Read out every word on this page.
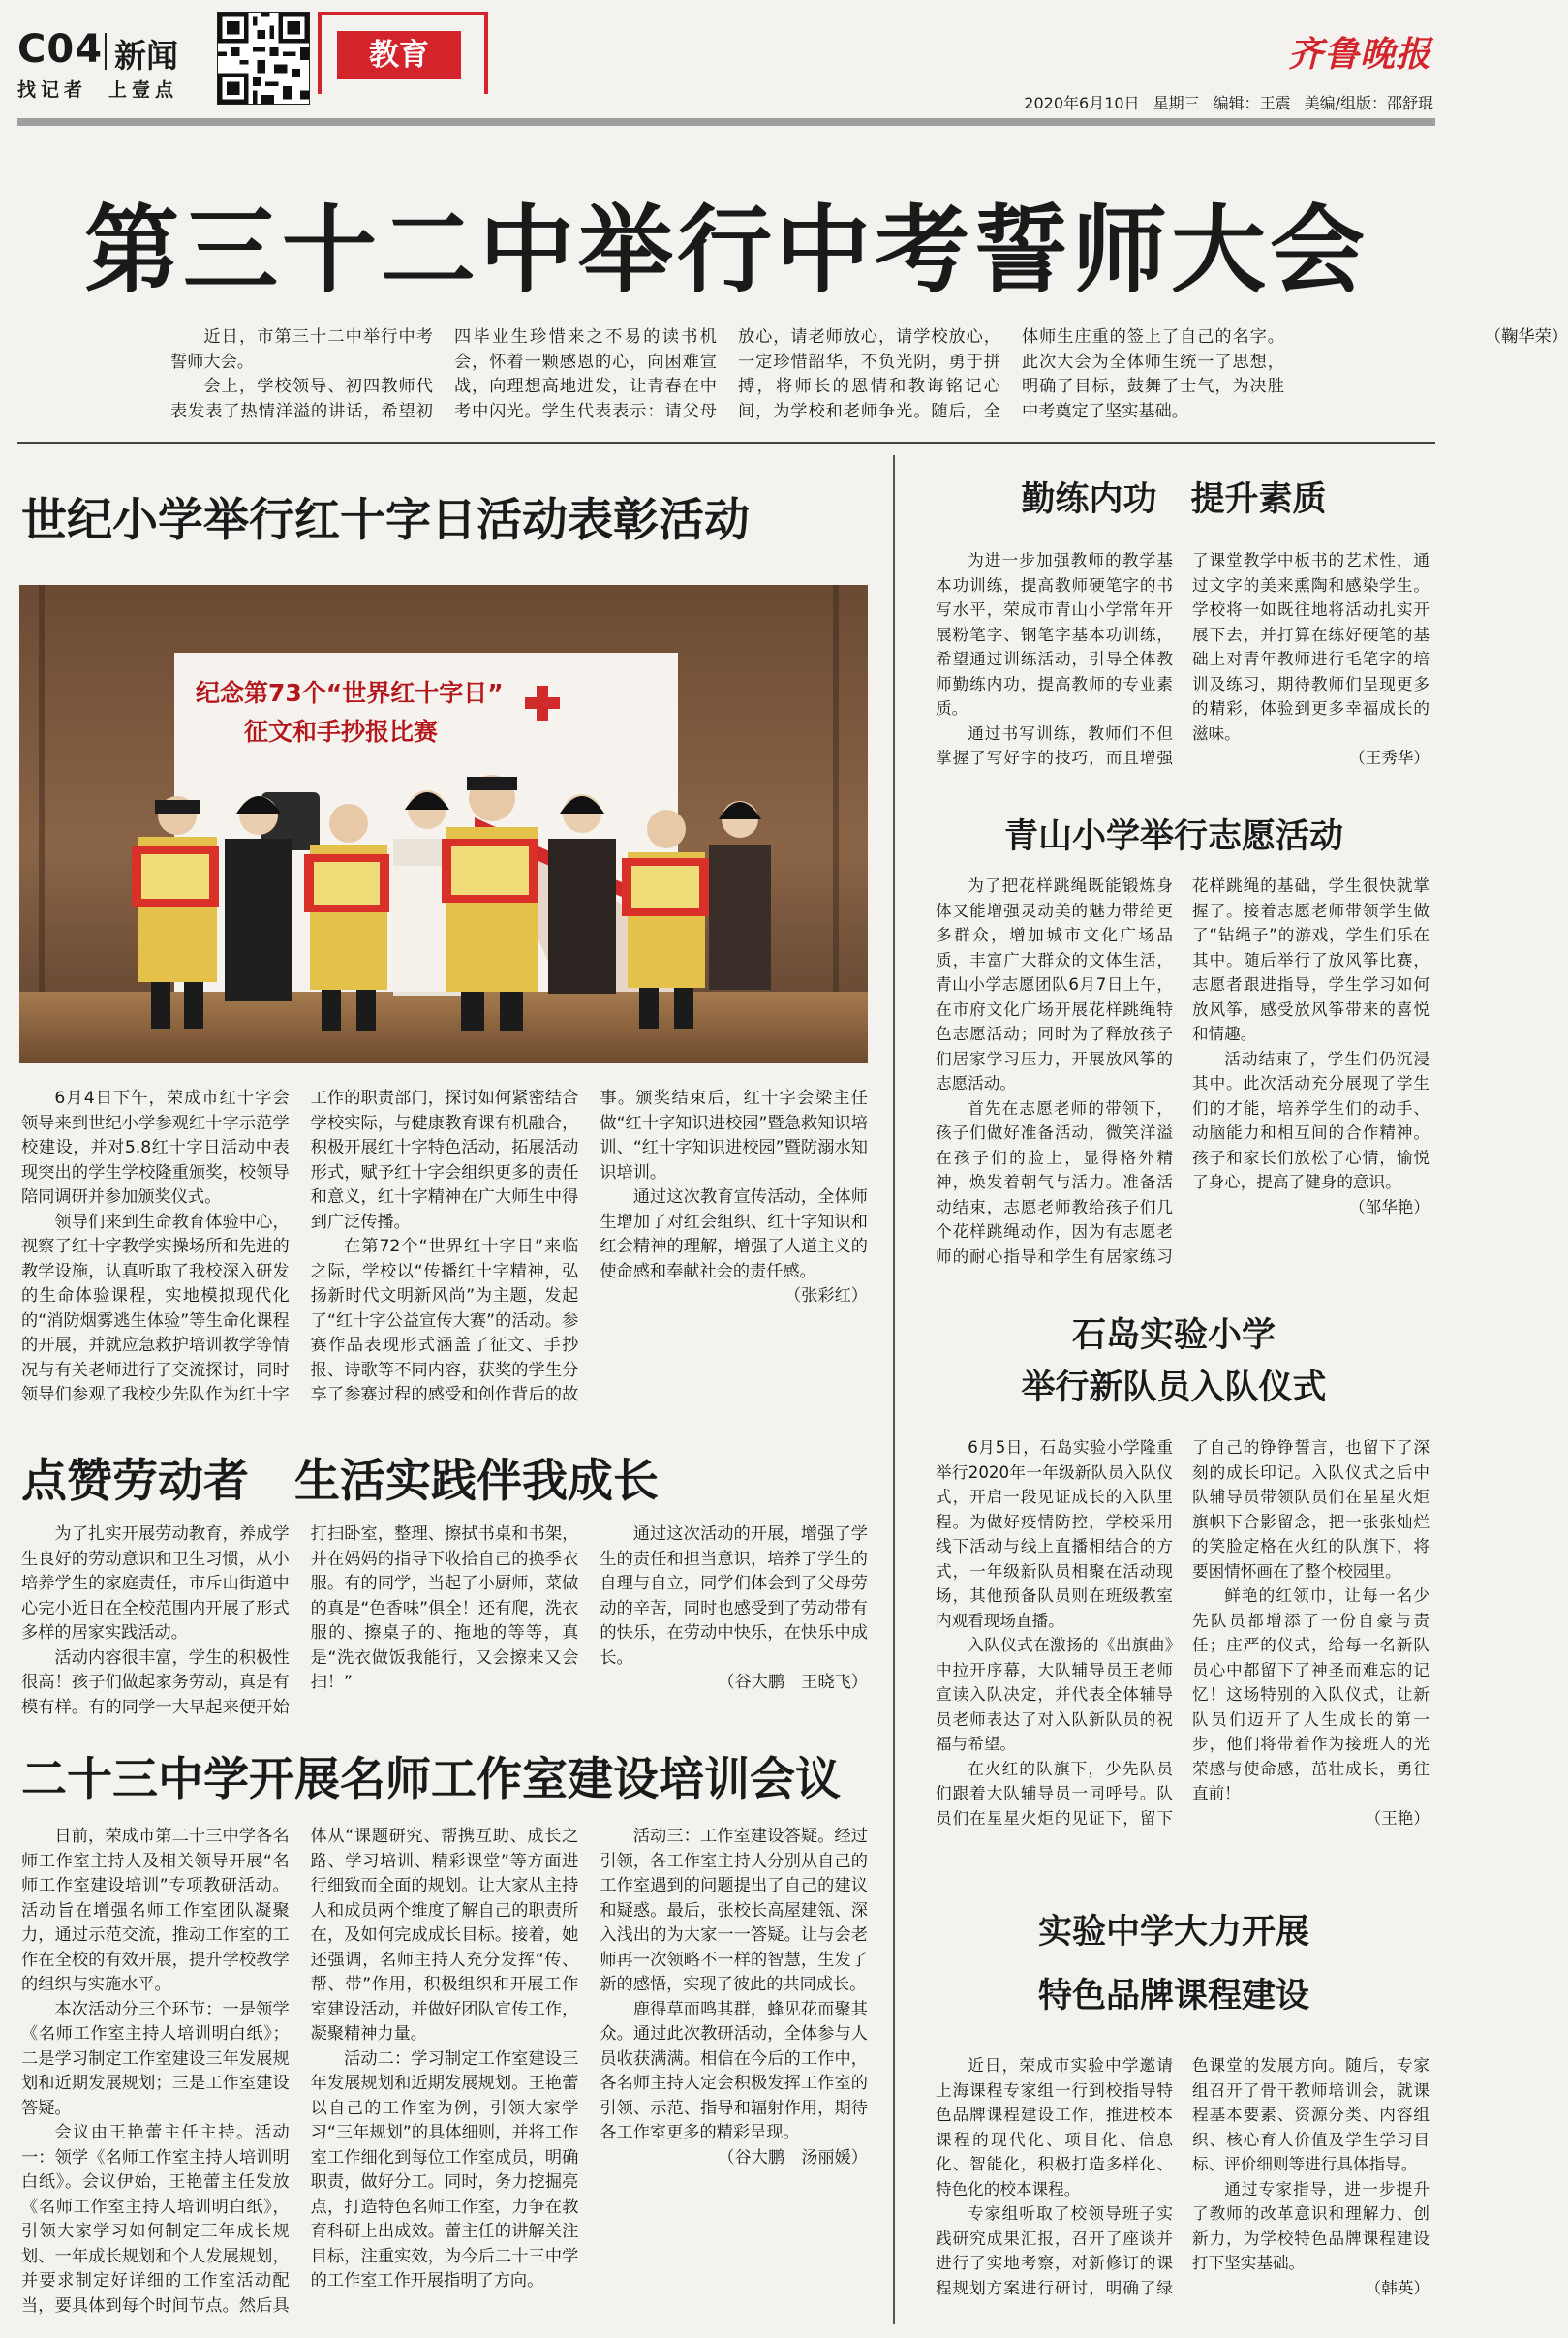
C04 新闻
找记者 上壹点
教育	齐鲁晚报
2020年6月10日 星期三 编辑：王震 美编/组版：邵舒琨
第三十二中举行中考誓师大会

近日，市第三十二中举行中考誓师大会。

会上，学校领导、初四教师代表发表了热情洋溢的讲话，希望初四毕业生珍惜来之不易的读书机会，怀着一颗感恩的心，向困难宣战，向理想高地进发，让青春在中考中闪光。学生代表表示：请父母放心，请老师放心，请学校放心，一定珍惜韶华，不负光阴，勇于拼搏，将师长的恩情和教诲铭记心间，为学校和老师争光。随后，全体师生庄重的签上了自己的名字。此次大会为全体师生统一了思想，明确了目标，鼓舞了士气，为决胜中考奠定了坚实基础。

（鞠华荣）
世纪小学举行红十字日活动表彰活动
纪念第73个“世界红十字日”
征文和手抄报比赛

6月4日下午，荣成市红十字会领导来到世纪小学参观红十字示范学校建设，并对5.8红十字日活动中表现突出的学生学校隆重颁奖，校领导陪同调研并参加颁奖仪式。

领导们来到生命教育体验中心，视察了红十字教学实操场所和先进的教学设施，认真听取了我校深入研发的生命体验课程，实地模拟现代化的“消防烟雾逃生体验”等生命化课程的开展，并就应急救护培训教学等情况与有关老师进行了交流探讨，同时领导们参观了我校少先队作为红十字工作的职责部门，探讨如何紧密结合学校实际，与健康教育课有机融合，积极开展红十字特色活动，拓展活动形式，赋予红十字会组织更多的责任和意义，红十字精神在广大师生中得到广泛传播。

在第72个“世界红十字日”来临之际，学校以“传播红十字精神，弘扬新时代文明新风尚”为主题，发起了“红十字公益宣传大赛”的活动。参赛作品表现形式涵盖了征文、手抄报、诗歌等不同内容，获奖的学生分享了参赛过程的感受和创作背后的故事。颁奖结束后，红十字会梁主任做“红十字知识进校园”暨急救知识培训、“红十字知识进校园”暨防溺水知识培训。

通过这次教育宣传活动，全体师生增加了对红会组织、红十字知识和红会精神的理解，增强了人道主义的使命感和奉献社会的责任感。

（张彩红）
点赞劳动者　生活实践伴我成长

为了扎实开展劳动教育，养成学生良好的劳动意识和卫生习惯，从小培养学生的家庭责任，市斥山街道中心完小近日在全校范围内开展了形式多样的居家实践活动。

活动内容很丰富，学生的积极性很高！孩子们做起家务劳动，真是有模有样。有的同学一大早起来便开始打扫卧室，整理、擦拭书桌和书架，并在妈妈的指导下收拾自己的换季衣服。有的同学，当起了小厨师，菜做的真是“色香味”俱全！还有爬，洗衣服的、擦桌子的、拖地的等等，真是“洗衣做饭我能行，又会擦来又会扫！”

通过这次活动的开展，增强了学生的责任和担当意识，培养了学生的自理与自立，同学们体会到了父母劳动的辛苦，同时也感受到了劳动带有的快乐，在劳动中快乐，在快乐中成长。

（谷大鹏　王晓飞）
二十三中学开展名师工作室建设培训会议

日前，荣成市第二十三中学各名师工作室主持人及相关领导开展“名师工作室建设培训”专项教研活动。活动旨在增强名师工作室团队凝聚力，通过示范交流，推动工作室的工作在全校的有效开展，提升学校教学的组织与实施水平。

本次活动分三个环节：一是领学《名师工作室主持人培训明白纸》；二是学习制定工作室建设三年发展规划和近期发展规划；三是工作室建设答疑。

会议由王艳蕾主任主持。活动一：领学《名师工作室主持人培训明白纸》。会议伊始，王艳蕾主任发放《名师工作室主持人培训明白纸》，引领大家学习如何制定三年成长规划、一年成长规划和个人发展规划，并要求制定好详细的工作室活动配当，要具体到每个时间节点。然后具体从“课题研究、帮携互助、成长之路、学习培训、精彩课堂”等方面进行细致而全面的规划。让大家从主持人和成员两个维度了解自己的职责所在，及如何完成成长目标。接着，她还强调，名师主持人充分发挥“传、帮、带”作用，积极组织和开展工作室建设活动，并做好团队宣传工作，凝聚精神力量。

活动二：学习制定工作室建设三年发展规划和近期发展规划。王艳蕾以自己的工作室为例，引领大家学习“三年规划”的具体细则，并将工作室工作细化到每位工作室成员，明确职责，做好分工。同时，务力挖掘亮点，打造特色名师工作室，力争在教育科研上出成效。蕾主任的讲解关注目标，注重实效，为今后二十三中学的工作室工作开展指明了方向。

活动三：工作室建设答疑。经过引领，各工作室主持人分别从自己的工作室遇到的问题提出了自己的建议和疑惑。最后，张校长高屋建瓴、深入浅出的为大家一一答疑。让与会老师再一次领略不一样的智慧，生发了新的感悟，实现了彼此的共同成长。

鹿得草而鸣其群，蜂见花而聚其众。通过此次教研活动，全体参与人员收获满满。相信在今后的工作中，各名师主持人定会积极发挥工作室的引领、示范、指导和辐射作用，期待各工作室更多的精彩呈现。

（谷大鹏　汤丽媛）
勤练内功　提升素质

为进一步加强教师的教学基本功训练，提高教师硬笔字的书写水平，荣成市青山小学常年开展粉笔字、钢笔字基本功训练，希望通过训练活动，引导全体教师勤练内功，提高教师的专业素质。

通过书写训练，教师们不但掌握了写好字的技巧，而且增强了课堂教学中板书的艺术性，通过文字的美来熏陶和感染学生。学校将一如既往地将活动扎实开展下去，并打算在练好硬笔的基础上对青年教师进行毛笔字的培训及练习，期待教师们呈现更多的精彩，体验到更多幸福成长的滋味。

（王秀华）
青山小学举行志愿活动

为了把花样跳绳既能锻炼身体又能增强灵动美的魅力带给更多群众，增加城市文化广场品质，丰富广大群众的文体生活，青山小学志愿团队6月7日上午，在市府文化广场开展花样跳绳特色志愿活动；同时为了释放孩子们居家学习压力，开展放风筝的志愿活动。

首先在志愿老师的带领下，孩子们做好准备活动，微笑洋溢在孩子们的脸上，显得格外精神，焕发着朝气与活力。准备活动结束，志愿老师教给孩子们几个花样跳绳动作，因为有志愿老师的耐心指导和学生有居家练习花样跳绳的基础，学生很快就掌握了。接着志愿老师带领学生做了“钻绳子”的游戏，学生们乐在其中。随后举行了放风筝比赛，志愿者跟进指导，学生学习如何放风筝，感受放风筝带来的喜悦和情趣。

活动结束了，学生们仍沉浸其中。此次活动充分展现了学生们的才能，培养学生们的动手、动脑能力和相互间的合作精神。孩子和家长们放松了心情，愉悦了身心，提高了健身的意识。

（邹华艳）
石岛实验小学
举行新队员入队仪式

6月5日，石岛实验小学隆重举行2020年一年级新队员入队仪式，开启一段见证成长的入队里程。为做好疫情防控，学校采用线下活动与线上直播相结合的方式，一年级新队员相聚在活动现场，其他预备队员则在班级教室内观看现场直播。

入队仪式在激扬的《出旗曲》中拉开序幕，大队辅导员王老师宣读入队决定，并代表全体辅导员老师表达了对入队新队员的祝福与希望。

在火红的队旗下，少先队员们跟着大队辅导员一同呼号。队员们在星星火炬的见证下，留下了自己的铮铮誓言，也留下了深刻的成长印记。入队仪式之后中队辅导员带领队员们在星星火炬旗帜下合影留念，把一张张灿烂的笑脸定格在火红的队旗下，将要困情怀画在了整个校园里。

鲜艳的红领巾，让每一名少先队员都增添了一份自豪与责任；庄严的仪式，给每一名新队员心中都留下了神圣而难忘的记忆！这场特别的入队仪式，让新队员们迈开了人生成长的第一步，他们将带着作为接班人的光荣感与使命感，茁壮成长，勇往直前！

（王艳）
实验中学大力开展
特色品牌课程建设

近日，荣成市实验中学邀请上海课程专家组一行到校指导特色品牌课程建设工作，推进校本课程的现代化、项目化、信息化、智能化，积极打造多样化、特色化的校本课程。

专家组听取了校领导班子实践研究成果汇报，召开了座谈并进行了实地考察，对新修订的课程规划方案进行研讨，明确了绿色课堂的发展方向。随后，专家组召开了骨干教师培训会，就课程基本要素、资源分类、内容组织、核心育人价值及学生学习目标、评价细则等进行具体指导。

通过专家指导，进一步提升了教师的改革意识和理解力、创新力，为学校特色品牌课程建设打下坚实基础。

（韩英）
